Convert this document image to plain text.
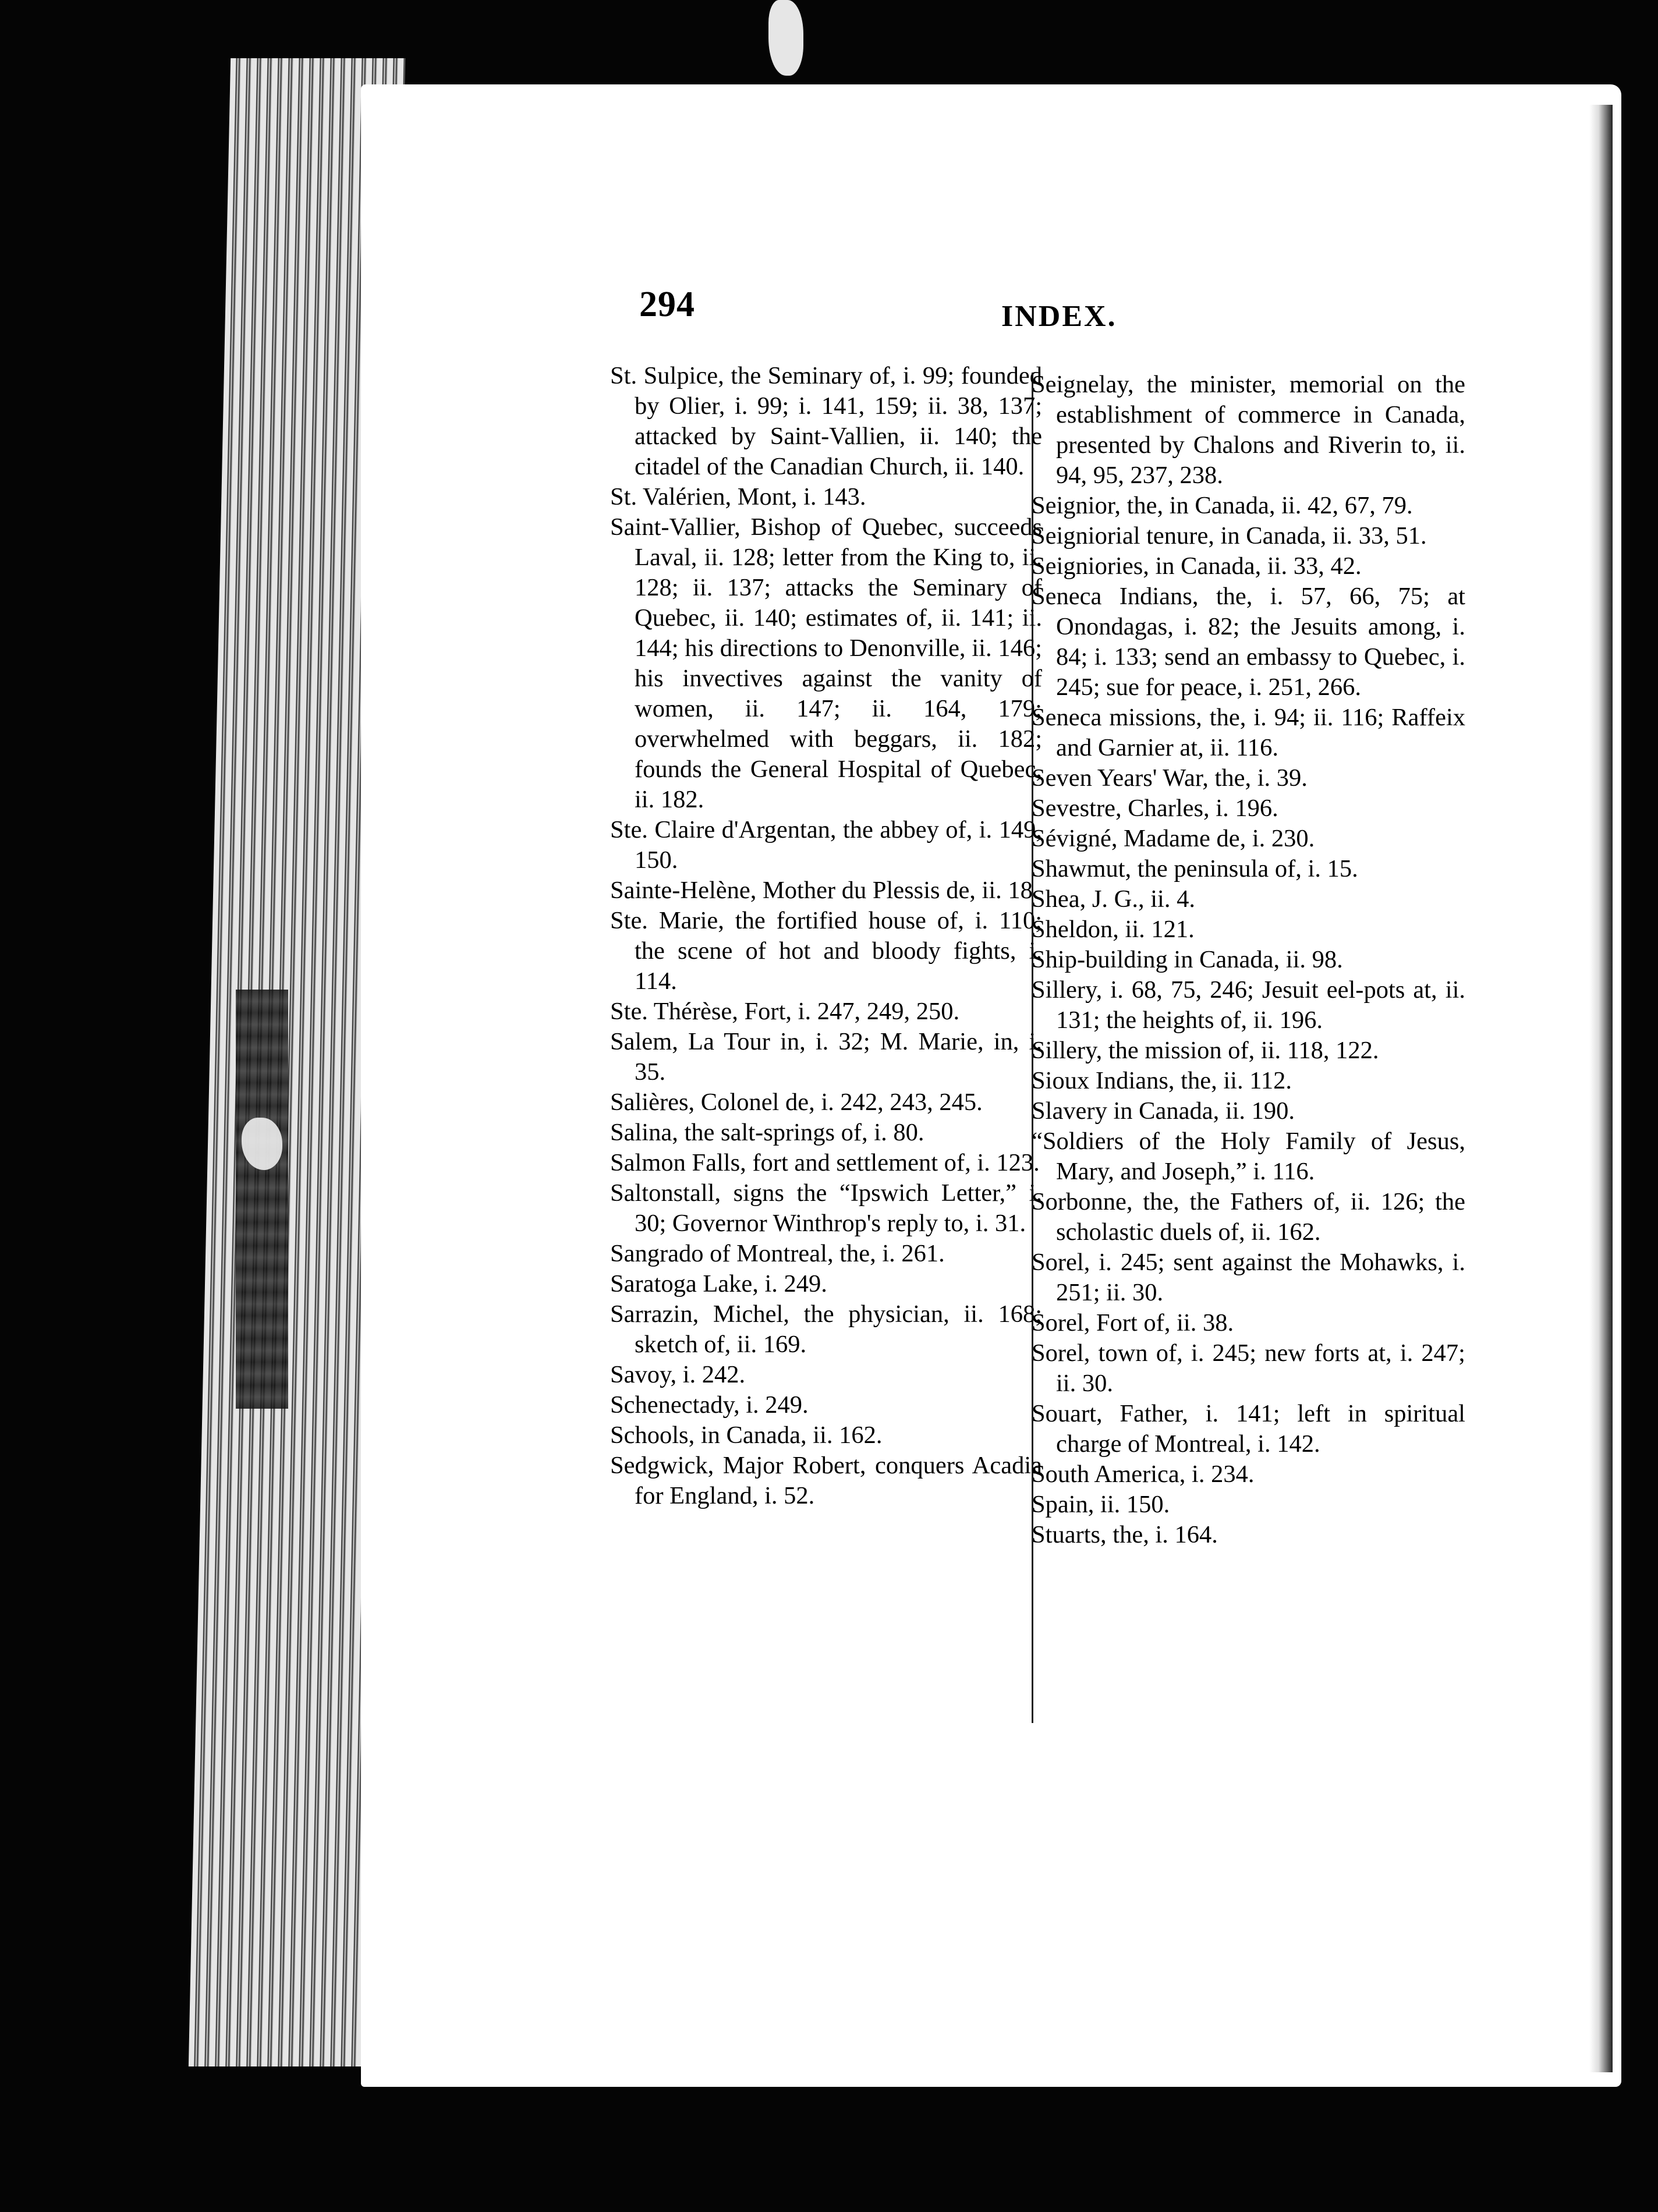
294	INDEX.

St. Sulpice, the Seminary of, i. 99; founded by Olier, i. 99; i. 141, 159; ii. 38, 137; attacked by Saint-Vallien, ii. 140; the citadel of the Canadian Church, ii. 140.

St. Valérien, Mont, i. 143.

Saint-Vallier, Bishop of Quebec, succeeds Laval, ii. 128; letter from the King to, ii. 128; ii. 137; attacks the Seminary of Quebec, ii. 140; estimates of, ii. 141; ii. 144; his directions to Denonville, ii. 146; his invectives against the vanity of women, ii. 147; ii. 164, 179; overwhelmed with beggars, ii. 182; founds the General Hospital of Quebec, ii. 182.

Ste. Claire d'Argentan, the abbey of, i. 149, 150.

Sainte-Helène, Mother du Plessis de, ii. 18.

Ste. Marie, the fortified house of, i. 110; the scene of hot and bloody fights, i. 114.

Ste. Thérèse, Fort, i. 247, 249, 250.

Salem, La Tour in, i. 32; M. Marie, in, i. 35.

Salières, Colonel de, i. 242, 243, 245.

Salina, the salt-springs of, i. 80.

Salmon Falls, fort and settlement of, i. 123.

Saltonstall, signs the “Ipswich Letter,” i. 30; Governor Winthrop's reply to, i. 31.

Sangrado of Montreal, the, i. 261.

Saratoga Lake, i. 249.

Sarrazin, Michel, the physician, ii. 168; sketch of, ii. 169.

Savoy, i. 242.

Schenectady, i. 249.

Schools, in Canada, ii. 162.

Sedgwick, Major Robert, conquers Acadia for England, i. 52.

Seignelay, the minister, memorial on the establishment of commerce in Canada, presented by Chalons and Riverin to, ii. 94, 95, 237, 238.

Seignior, the, in Canada, ii. 42, 67, 79.

Seigniorial tenure, in Canada, ii. 33, 51.

Seigniories, in Canada, ii. 33, 42.

Seneca Indians, the, i. 57, 66, 75; at Onondagas, i. 82; the Jesuits among, i. 84; i. 133; send an embassy to Quebec, i. 245; sue for peace, i. 251, 266.

Seneca missions, the, i. 94; ii. 116; Raffeix and Garnier at, ii. 116.

Seven Years' War, the, i. 39.

Sevestre, Charles, i. 196.

Sévigné, Madame de, i. 230.

Shawmut, the peninsula of, i. 15.

Shea, J. G., ii. 4.

Sheldon, ii. 121.

Ship-building in Canada, ii. 98.

Sillery, i. 68, 75, 246; Jesuit eel-pots at, ii. 131; the heights of, ii. 196.

Sillery, the mission of, ii. 118, 122.

Sioux Indians, the, ii. 112.

Slavery in Canada, ii. 190.

“Soldiers of the Holy Family of Jesus, Mary, and Joseph,” i. 116.

Sorbonne, the, the Fathers of, ii. 126; the scholastic duels of, ii. 162.

Sorel, i. 245; sent against the Mohawks, i. 251; ii. 30.

Sorel, Fort of, ii. 38.

Sorel, town of, i. 245; new forts at, i. 247; ii. 30.

Souart, Father, i. 141; left in spiritual charge of Montreal, i. 142.

South America, i. 234.

Spain, ii. 150.

Stuarts, the, i. 164.
